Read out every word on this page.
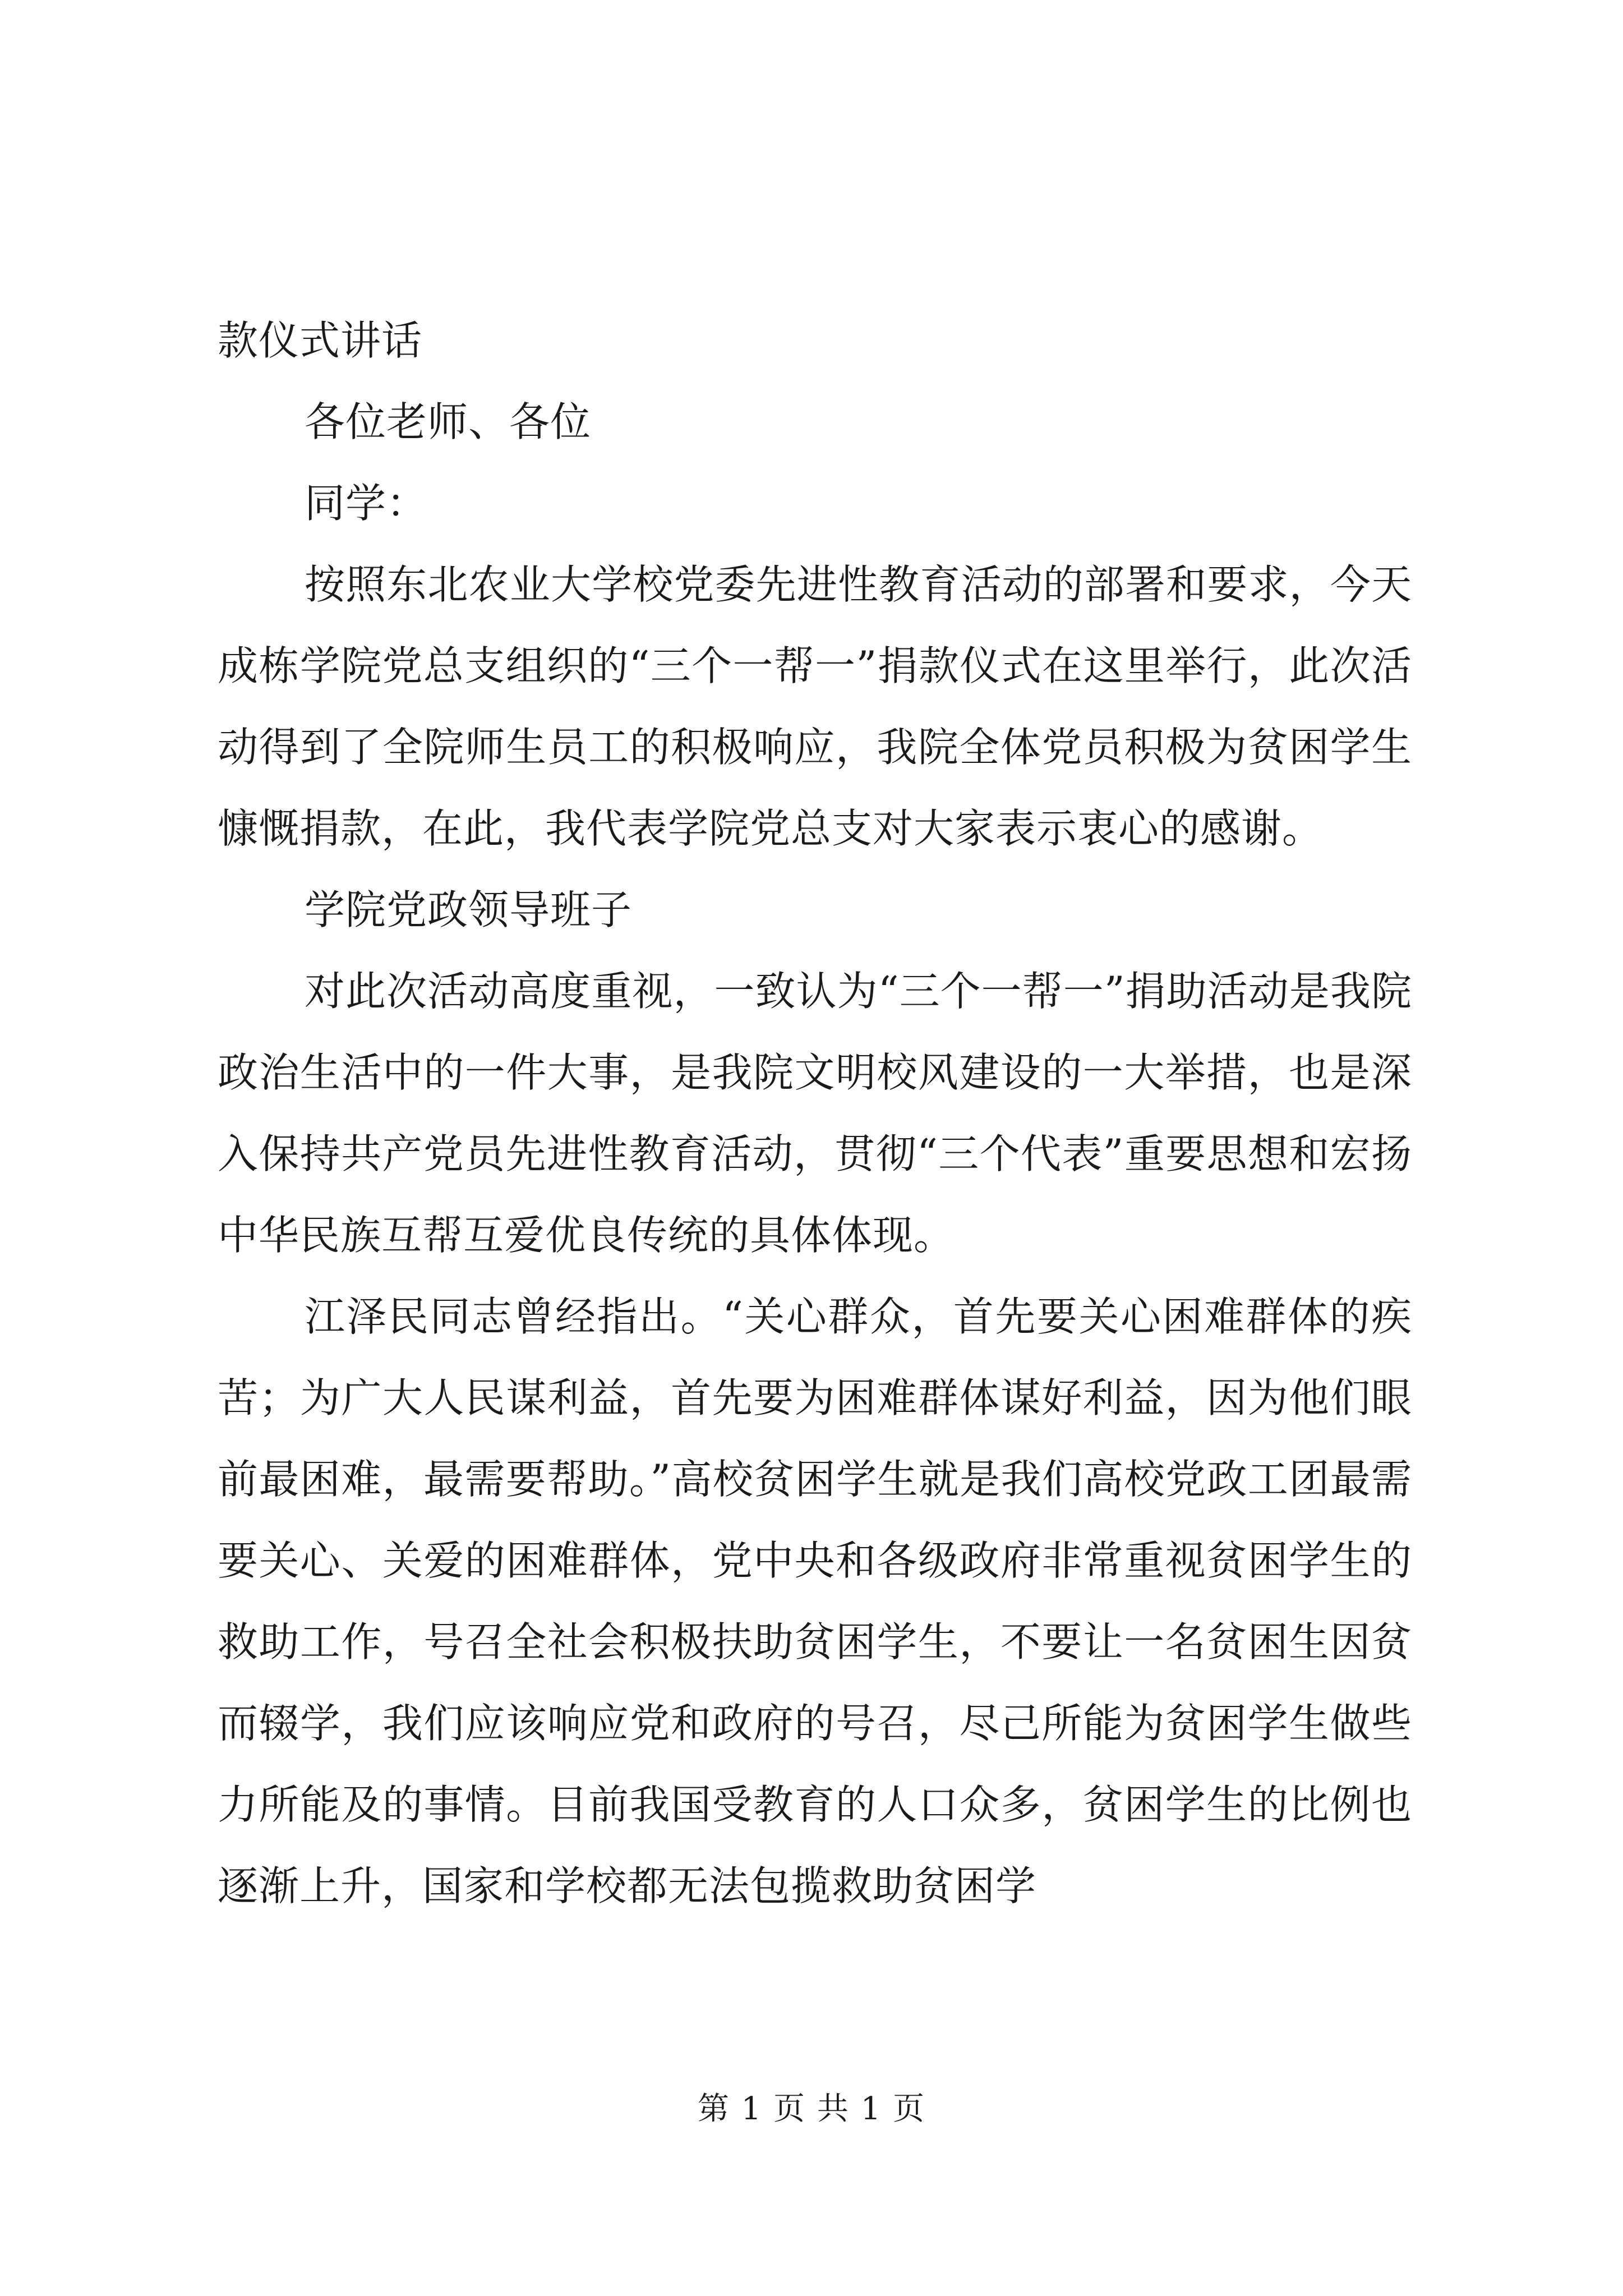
款仪式讲话

各位老师、各位

同学：

按照东北农业大学校党委先进性教育活动的部署和要求，今天成栋学院党总支组织的“三个一帮一”捐款仪式在这里举行，此次活动得到了全院师生员工的积极响应，我院全体党员积极为贫困学生慷慨捐款，在此，我代表学院党总支对大家表示衷心的感谢。

学院党政领导班子

对此次活动高度重视，一致认为“三个一帮一”捐助活动是我院政治生活中的一件大事，是我院文明校风建设的一大举措，也是深入保持共产党员先进性教育活动，贯彻“三个代表”重要思想和宏扬中华民族互帮互爱优良传统的具体体现。

江泽民同志曾经指出。“关心群众，首先要关心困难群体的疾苦；为广大人民谋利益，首先要为困难群体谋好利益，因为他们眼前最困难，最需要帮助。”高校贫困学生就是我们高校党政工团最需要关心、关爱的困难群体，党中央和各级政府非常重视贫困学生的救助工作，号召全社会积极扶助贫困学生，不要让一名贫困生因贫而辍学，我们应该响应党和政府的号召，尽己所能为贫困学生做些力所能及的事情。目前我国受教育的人口众多，贫困学生的比例也逐渐上升，国家和学校都无法包揽救助贫困学

第 1 页 共 1 页
